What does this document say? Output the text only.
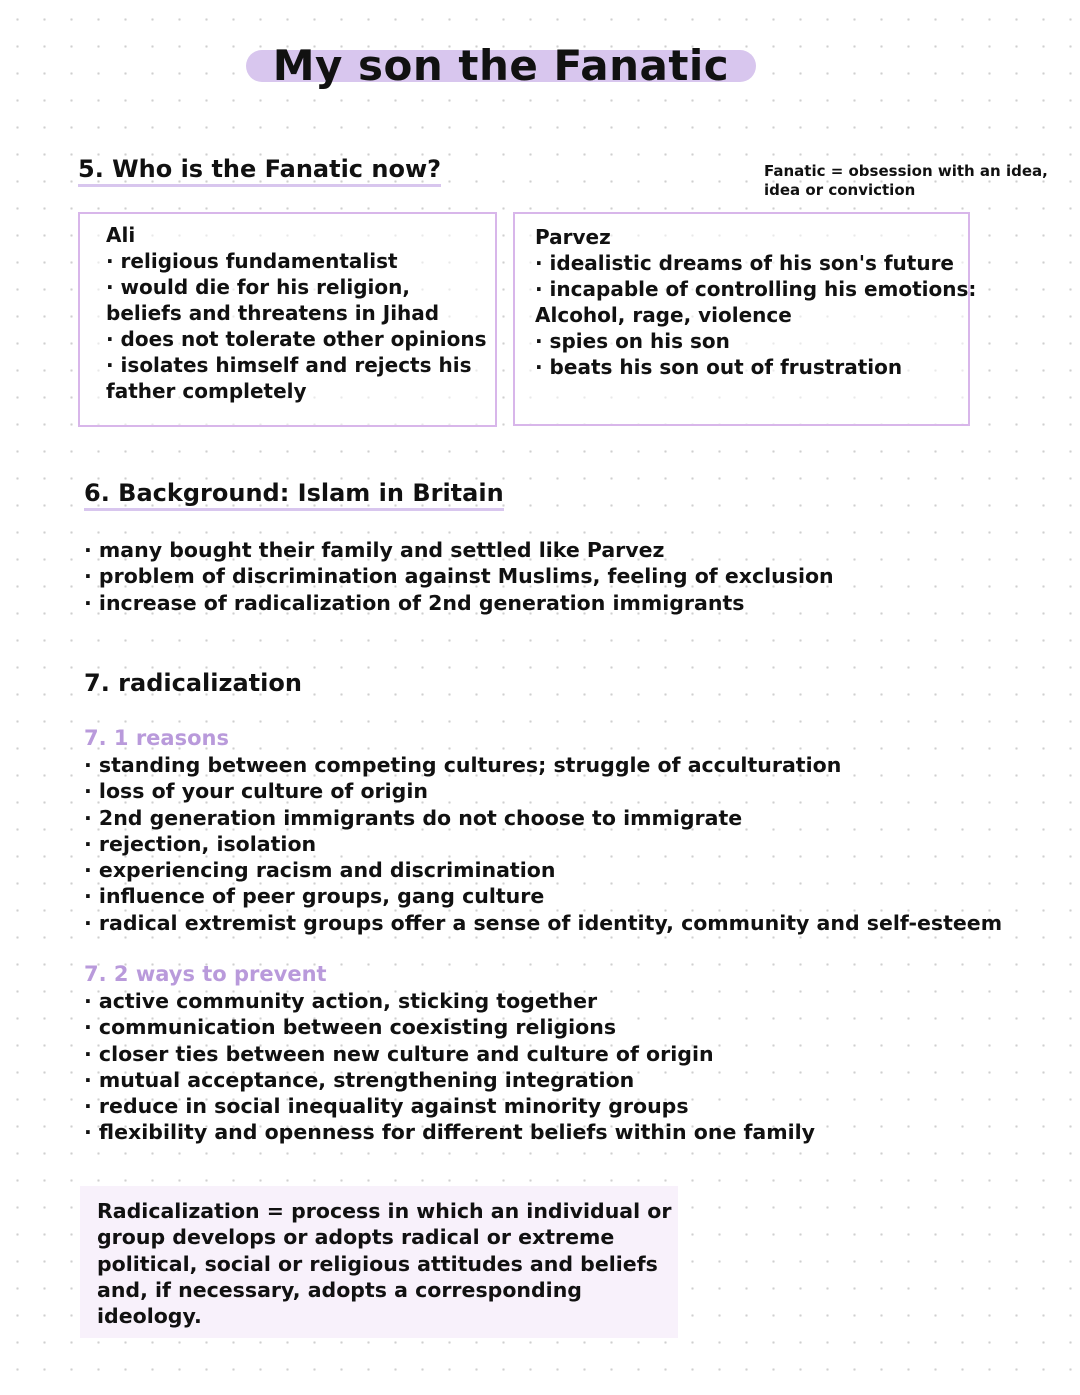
My son the Fanatic
5. Who is the Fanatic now?	Fanatic = obsession with an idea, idea or conviction
Ali
· religious fundamentalist
· would die for his religion,
beliefs and threatens in Jihad
· does not tolerate other opinions
· isolates himself and rejects his
father completely
Parvez
· idealistic dreams of his son's future
· incapable of controlling his emotions:
Alcohol, rage, violence
· spies on his son
· beats his son out of frustration
6. Background: Islam in Britain
· many bought their family and settled like Parvez
· problem of discrimination against Muslims, feeling of exclusion
· increase of radicalization of 2nd generation immigrants
7. radicalization
7. 1 reasons
· standing between competing cultures; struggle of acculturation
· loss of your culture of origin
· 2nd generation immigrants do not choose to immigrate
· rejection, isolation
· experiencing racism and discrimination
· influence of peer groups, gang culture
· radical extremist groups offer a sense of identity, community and self-esteem
7. 2 ways to prevent
· active community action, sticking together
· communication between coexisting religions
· closer ties between new culture and culture of origin
· mutual acceptance, strengthening integration
· reduce in social inequality against minority groups
· flexibility and openness for different beliefs within one family
Radicalization = process in which an individual or
group develops or adopts radical or extreme
political, social or religious attitudes and beliefs
and, if necessary, adopts a corresponding
ideology.
